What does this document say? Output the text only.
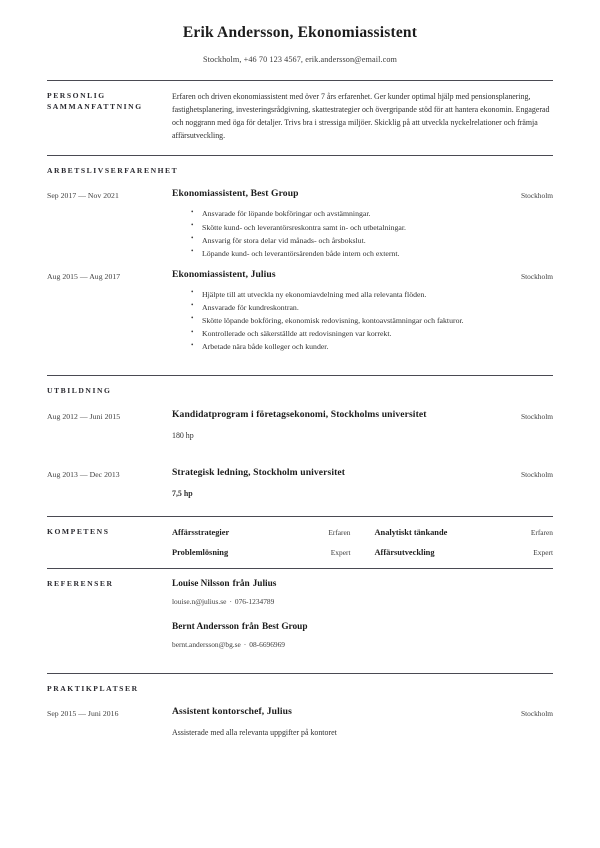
Erik Andersson, Ekonomiassistent
Stockholm, +46 70 123 4567, erik.andersson@email.com
PERSONLIG
SAMMANFATTNING

Erfaren och driven ekonomiassistent med över 7 års erfarenhet. Ger kunder optimal hjälp med pensionsplanering, fastighetsplanering, investeringsrådgivning, skattestrategier och övergripande stöd för att hantera ekonomin. Engagerad och noggrann med öga för detaljer. Trivs bra i stressiga miljöer. Skicklig på att utveckla nyckelrelationer och främja affärsutveckling.

ARBETSLIVSERFARENHET
Sep 2017 — Nov 2021	Ekonomiassistent, Best Group
• Ansvarade för löpande bokföringar och avstämningar.
• Skötte kund- och leverantörsreskontra samt in- och utbetalningar.
• Ansvarig för stora delar vid månads- och årsbokslut.
• Löpande kund- och leverantörsärenden både intern och externt.
Stockholm
Aug 2015 — Aug 2017	Ekonomiassistent, Julius
• Hjälpte till att utveckla ny ekonomiavdelning med alla relevanta flöden.
• Ansvarade för kundreskontran.
• Skötte löpande bokföring, ekonomisk redovisning, kontoavstämningar och fakturor.
• Kontrollerade och säkerställde att redovisningen var korrekt.
• Arbetade nära både kolleger och kunder.
Stockholm
UTBILDNING
Aug 2012 — Juni 2015	Kandidatprogram i företagsekonomi, Stockholms universitet
180 hp
Stockholm
Aug 2013 — Dec 2013	Strategisk ledning, Stockholm universitet
7,5 hp
Stockholm
KOMPETENS	Affärsstrategier	Erfaren	Analytiskt tänkande	Erfaren
Problemlösning	Expert	Affärsutveckling	Expert
REFERENSER	Louise Nilsson från Julius
louise.n@julius.se · 076-1234789
Bernt Andersson från Best Group
bernt.andersson@bg.se · 08-6696969
PRAKTIKPLATSER
Sep 2015 — Juni 2016	Assistent kontorschef, Julius
Assisterade med alla relevanta uppgifter på kontoret
Stockholm
